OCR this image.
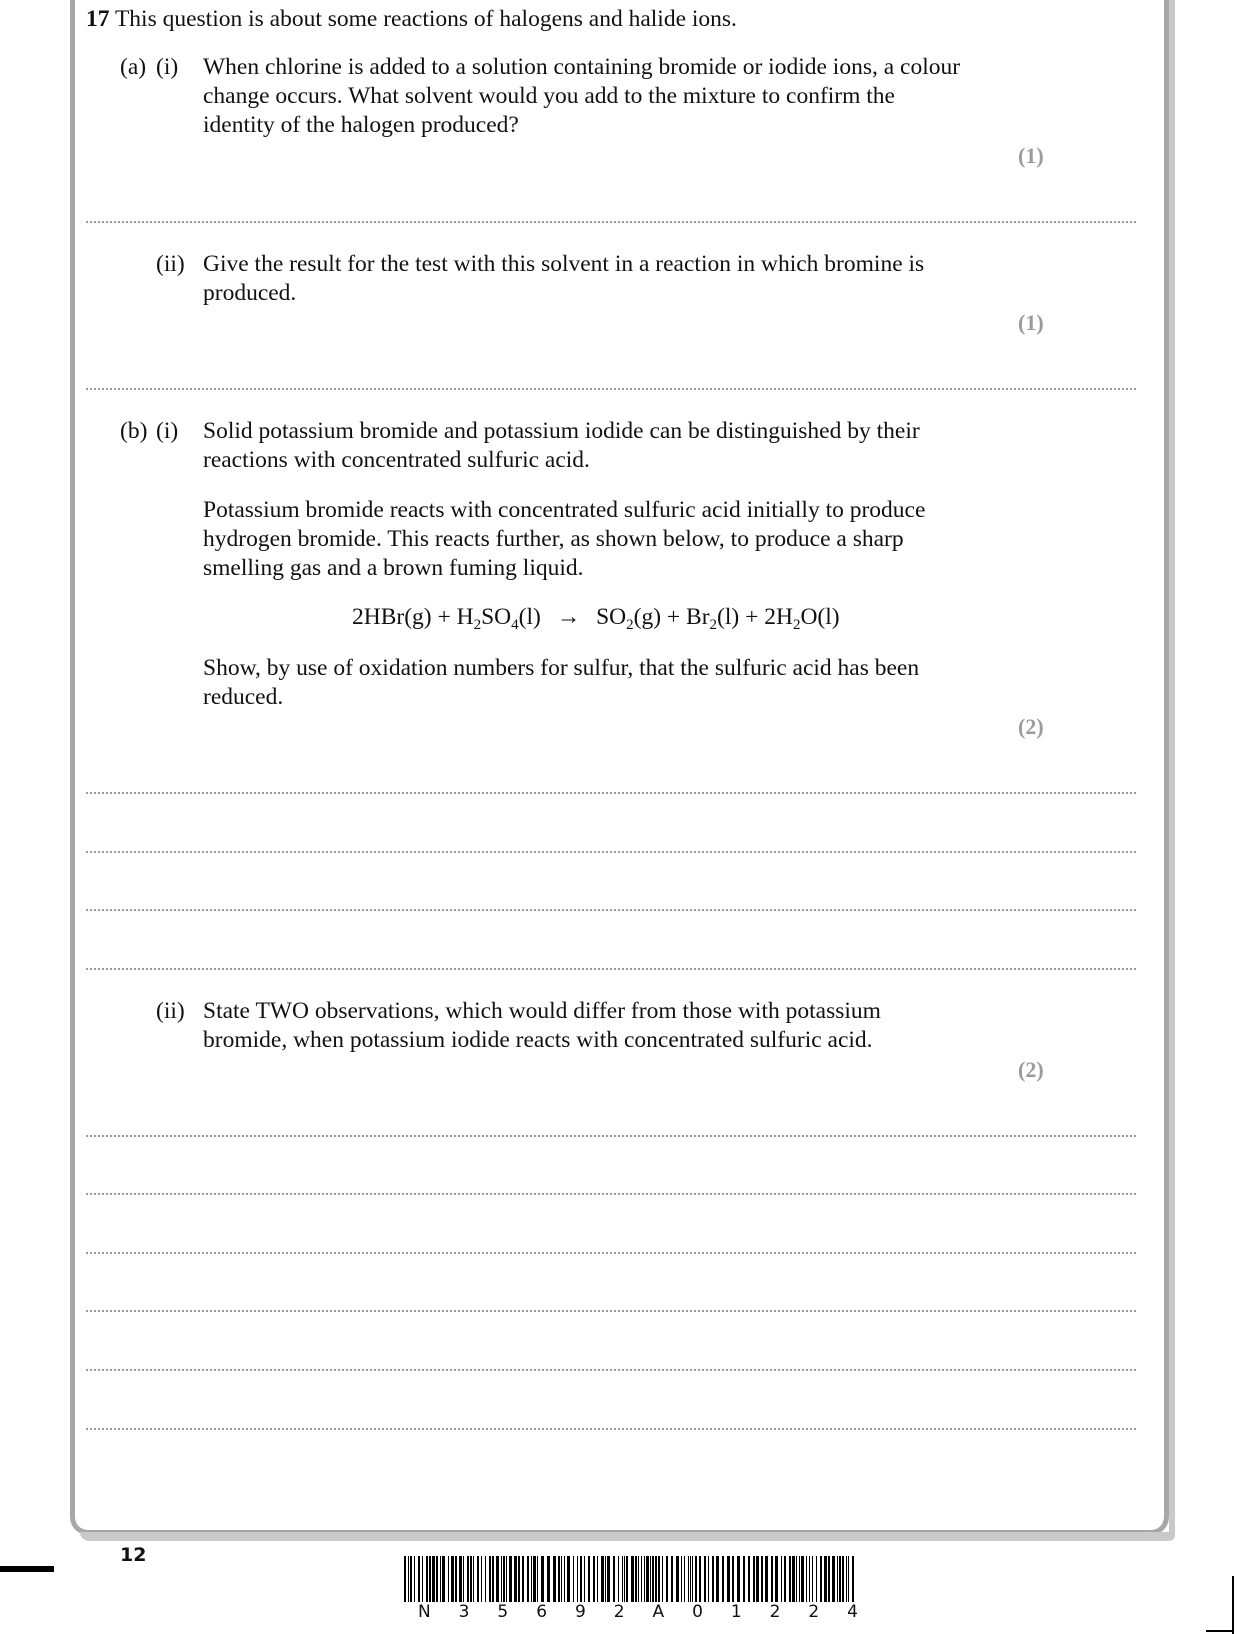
17 This question is about some reactions of halogens and halide ions.
(a) (i) When chlorine is added to a solution containing bromide or iodide ions, a colour
change occurs. What solvent would you add to the mixture to confirm the
identity of the halogen produced?
(1)
(ii) Give the result for the test with this solvent in a reaction in which bromine is
produced.
(1)
(b) (i) Solid potassium bromide and potassium iodide can be distinguished by their
reactions with concentrated sulfuric acid.
Potassium bromide reacts with concentrated sulfuric acid initially to produce
hydrogen bromide. This reacts further, as shown below, to produce a sharp
smelling gas and a brown fuming liquid.
$2HBr(g) + H_2SO_4(l) \to SO_2(g) + Br_2(l) + 2H_2O(l)$
Show, by use of oxidation numbers for sulfur, that the sulfuric acid has been
reduced.
(2)
(ii) State TWO observations, which would differ from those with potassium
bromide, when potassium iodide reacts with concentrated sulfuric acid.
(2)
12
N 3 5 6 9 2 A 0 1 2 2 4
